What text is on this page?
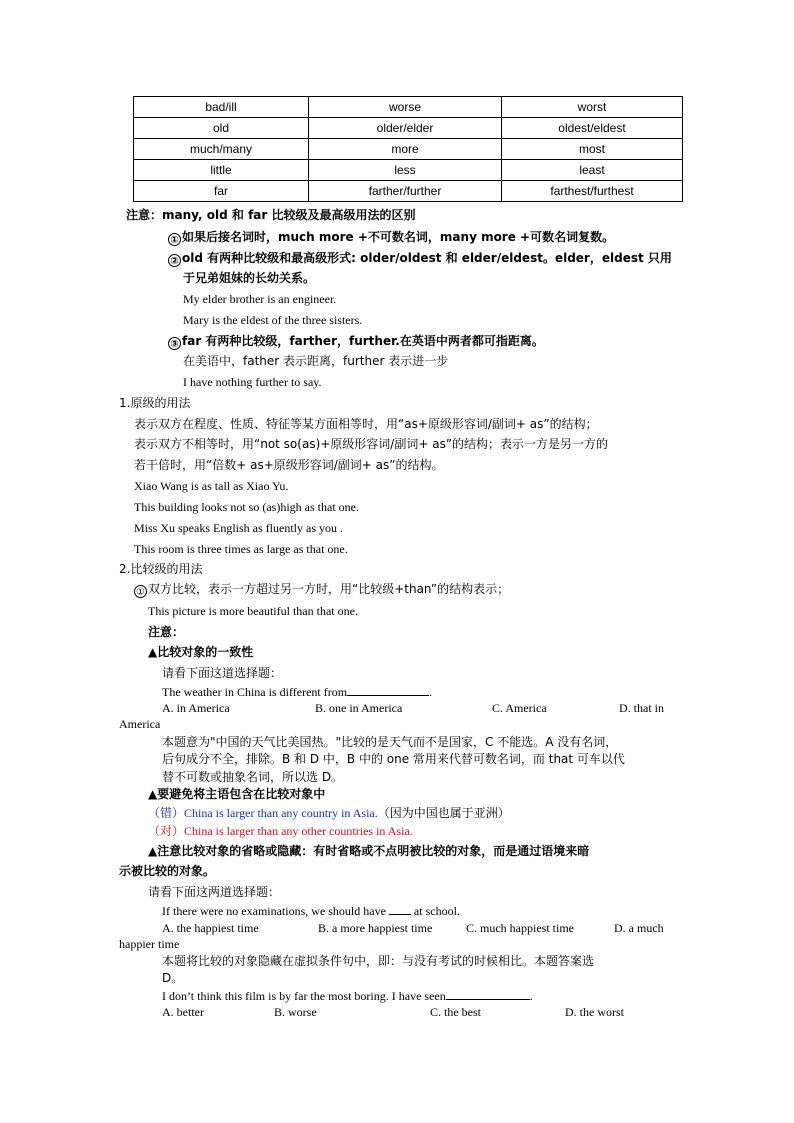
bad/ill	worse	worst
old	older/elder	oldest/eldest
much/many	more	most
little	less	least
far	farther/further	farthest/furthest
注意：many, old 和 far 比较级及最高级用法的区别
① 如果后接名词时，much more +不可数名词，many more +可数名词复数。
② old 有两种比较级和最高级形式: older/oldest 和 elder/eldest。elder，eldest 只用
于兄弟姐妹的长幼关系。
My elder brother is an engineer.
Mary is the eldest of the three sisters.
③ far 有两种比较级，farther，further.在英语中两者都可指距离。
在美语中，father 表示距离，further 表示进一步
I have nothing further to say.
1.原级的用法
表示双方在程度、性质、特征等某方面相等时，用“as+原级形容词/副词+ as”的结构；
表示双方不相等时，用“not so(as)+原级形容词/副词+ as”的结构；表示一方是另一方的
若干倍时，用“倍数+ as+原级形容词/副词+ as”的结构。
Xiao Wang is as tall as Xiao Yu.
This building looks not so (as)high as that one.
Miss Xu speaks English as fluently as you .
This room is three times as large as that one.
2.比较级的用法
① 双方比较，表示一方超过另一方时，用“比较级+than”的结构表示；
This picture is more beautiful than that one.
注意：
▲比较对象的一致性
请看下面这道选择题：
The weather in China is different from	.
A. in America	B. one in America	C. America	D. that in
America
本题意为"中国的天气比美国热。"比较的是天气而不是国家，C 不能选。A 没有名词，
后句成分不全，排除。B 和 D 中，B 中的 one 常用来代替可数名词，而 that 可车以代
替不可数或抽象名词，所以选 D。
▲要避免将主语包含在比较对象中
（错）China is larger than any country in Asia.（因为中国也属于亚洲）
（对）China is larger than any other countries in Asia.
▲注意比较对象的省略或隐藏：有时省略或不点明被比较的对象，而是通过语境来暗
示被比较的对象。
请看下面这两道选择题：
If there were no examinations, we should have at school.
A. the happiest time	B. a more happiest time	C. much happiest time	D. a much
happier time
本题将比较的对象隐藏在虚拟条件句中，即：与没有考试的时候相比。本题答案选
D。
I don’t think this film is by far the most boring. I have seen	.
A. better	B. worse	C. the best	D. the worst
